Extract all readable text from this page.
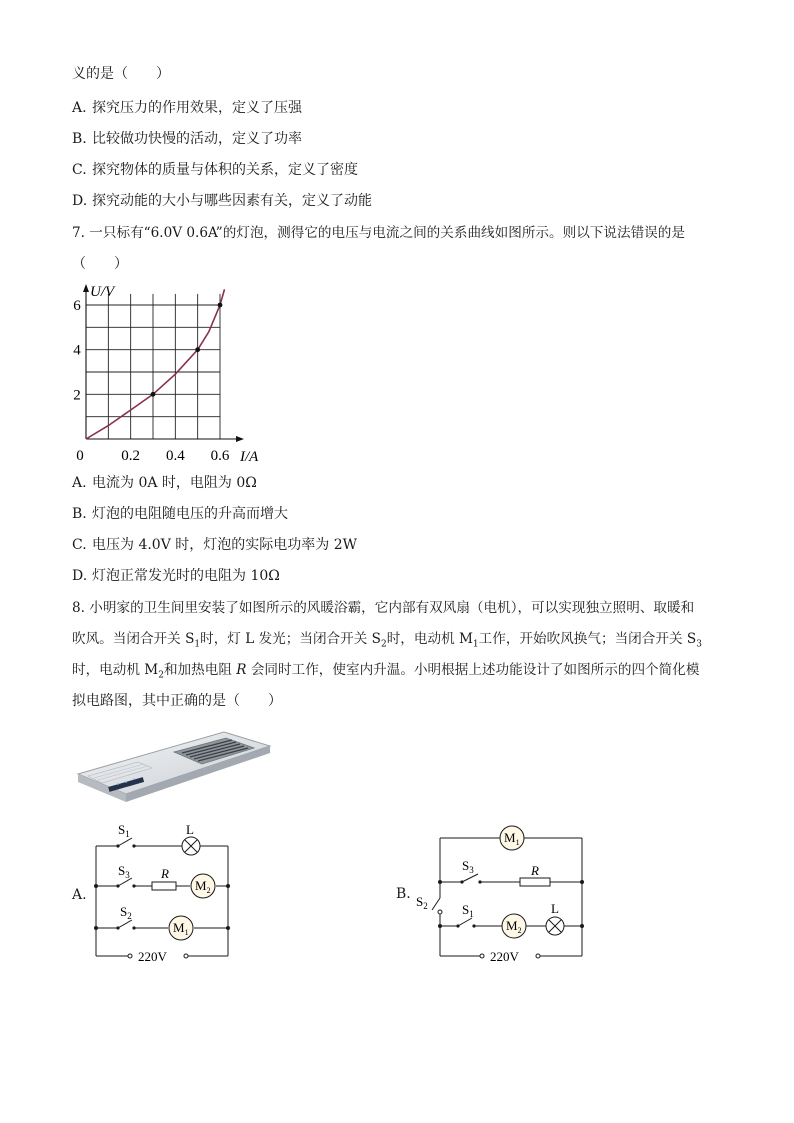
义的是（　　）
A. 探究压力的作用效果，定义了压强
B. 比较做功快慢的活动，定义了功率
C. 探究物体的质量与体积的关系，定义了密度
D. 探究动能的大小与哪些因素有关，定义了动能
7. 一只标有“6.0V 0.6A”的灯泡，测得它的电压与电流之间的关系曲线如图所示。则以下说法错误的是
（　　）
0.2 0.4 0.6
2
4
6
0
U/V
I/A
A. 电流为 0A 时，电阻为 0Ω
B. 灯泡的电阻随电压的升高而增大
C. 电压为 4.0V 时，灯泡的实际电功率为 2W
D. 灯泡正常发光时的电阻为 10Ω
8. 小明家的卫生间里安装了如图所示的风暖浴霸，它内部有双风扇（电机），可以实现独立照明、取暖和
吹风。当闭合开关 $S_1$时，灯 L 发光；当闭合开关 $S_2$时，电动机 $M_1$工作，开始吹风换气；当闭合开关 $S_3$
时，电动机 $M_2$和加热电阻 R 会同时工作，使室内升温。小明根据上述功能设计了如图所示的四个简化模
拟电路图，其中正确的是（　　）
A.
$S_1$	L
$S_3$ R
$M_2$
$S_2$
$M_1$
220V
B.
$M_1$
$S_3$	R
$S_2$	$S_1$
$M_2$
L
220V
